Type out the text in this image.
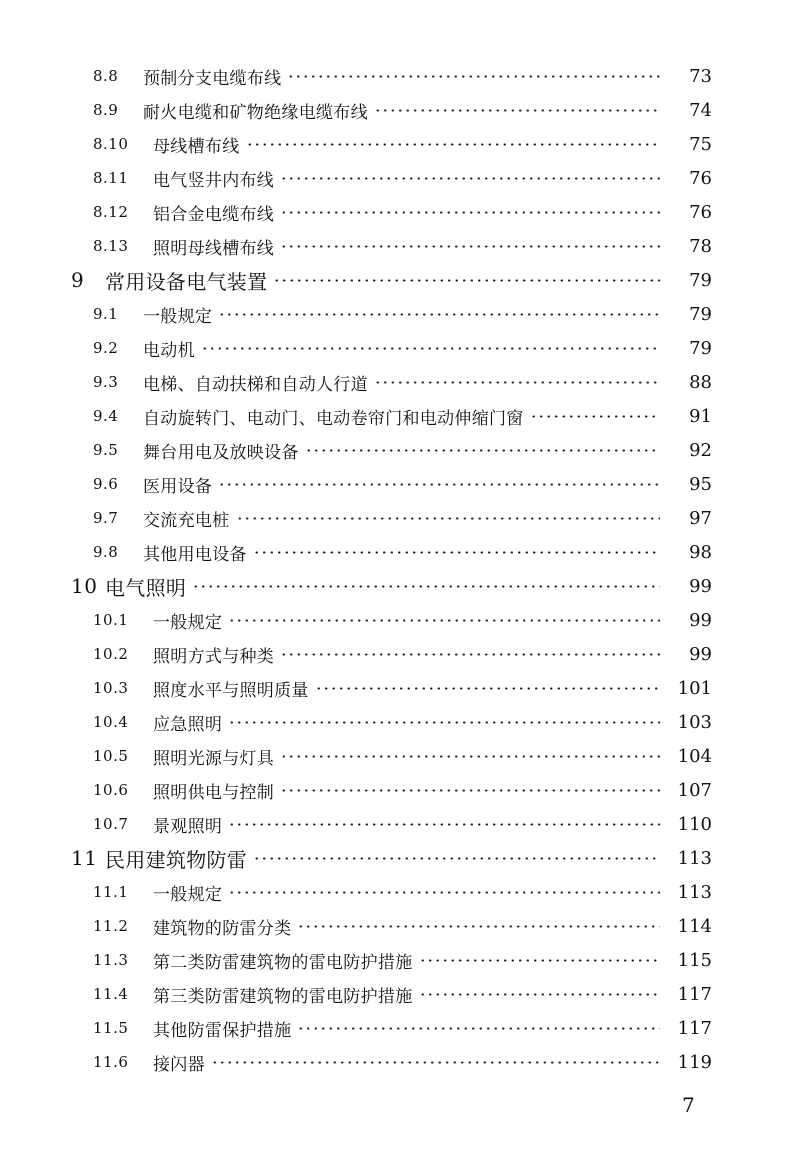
8.8	预制分支电缆布线	73
8.9	耐火电缆和矿物绝缘电缆布线	74
8.10	母线槽布线	75
8.11	电气竖井内布线	76
8.12	铝合金电缆布线	76
8.13	照明母线槽布线	78
9	常用设备电气装置	79
9.1	一般规定	79
9.2	电动机	79
9.3	电梯、自动扶梯和自动人行道	88
9.4	自动旋转门、电动门、电动卷帘门和电动伸缩门窗	91
9.5	舞台用电及放映设备	92
9.6	医用设备	95
9.7	交流充电桩	97
9.8	其他用电设备	98
10 电气照明	99
10.1	一般规定	99
10.2	照明方式与种类	99
10.3	照度水平与照明质量	101
10.4	应急照明	103
10.5	照明光源与灯具	104
10.6	照明供电与控制	107
10.7	景观照明	110
11 民用建筑物防雷	113
11.1	一般规定	113
11.2	建筑物的防雷分类	114
11.3	第二类防雷建筑物的雷电防护措施	115
11.4	第三类防雷建筑物的雷电防护措施	117
11.5	其他防雷保护措施	117
11.6	接闪器	119
7
